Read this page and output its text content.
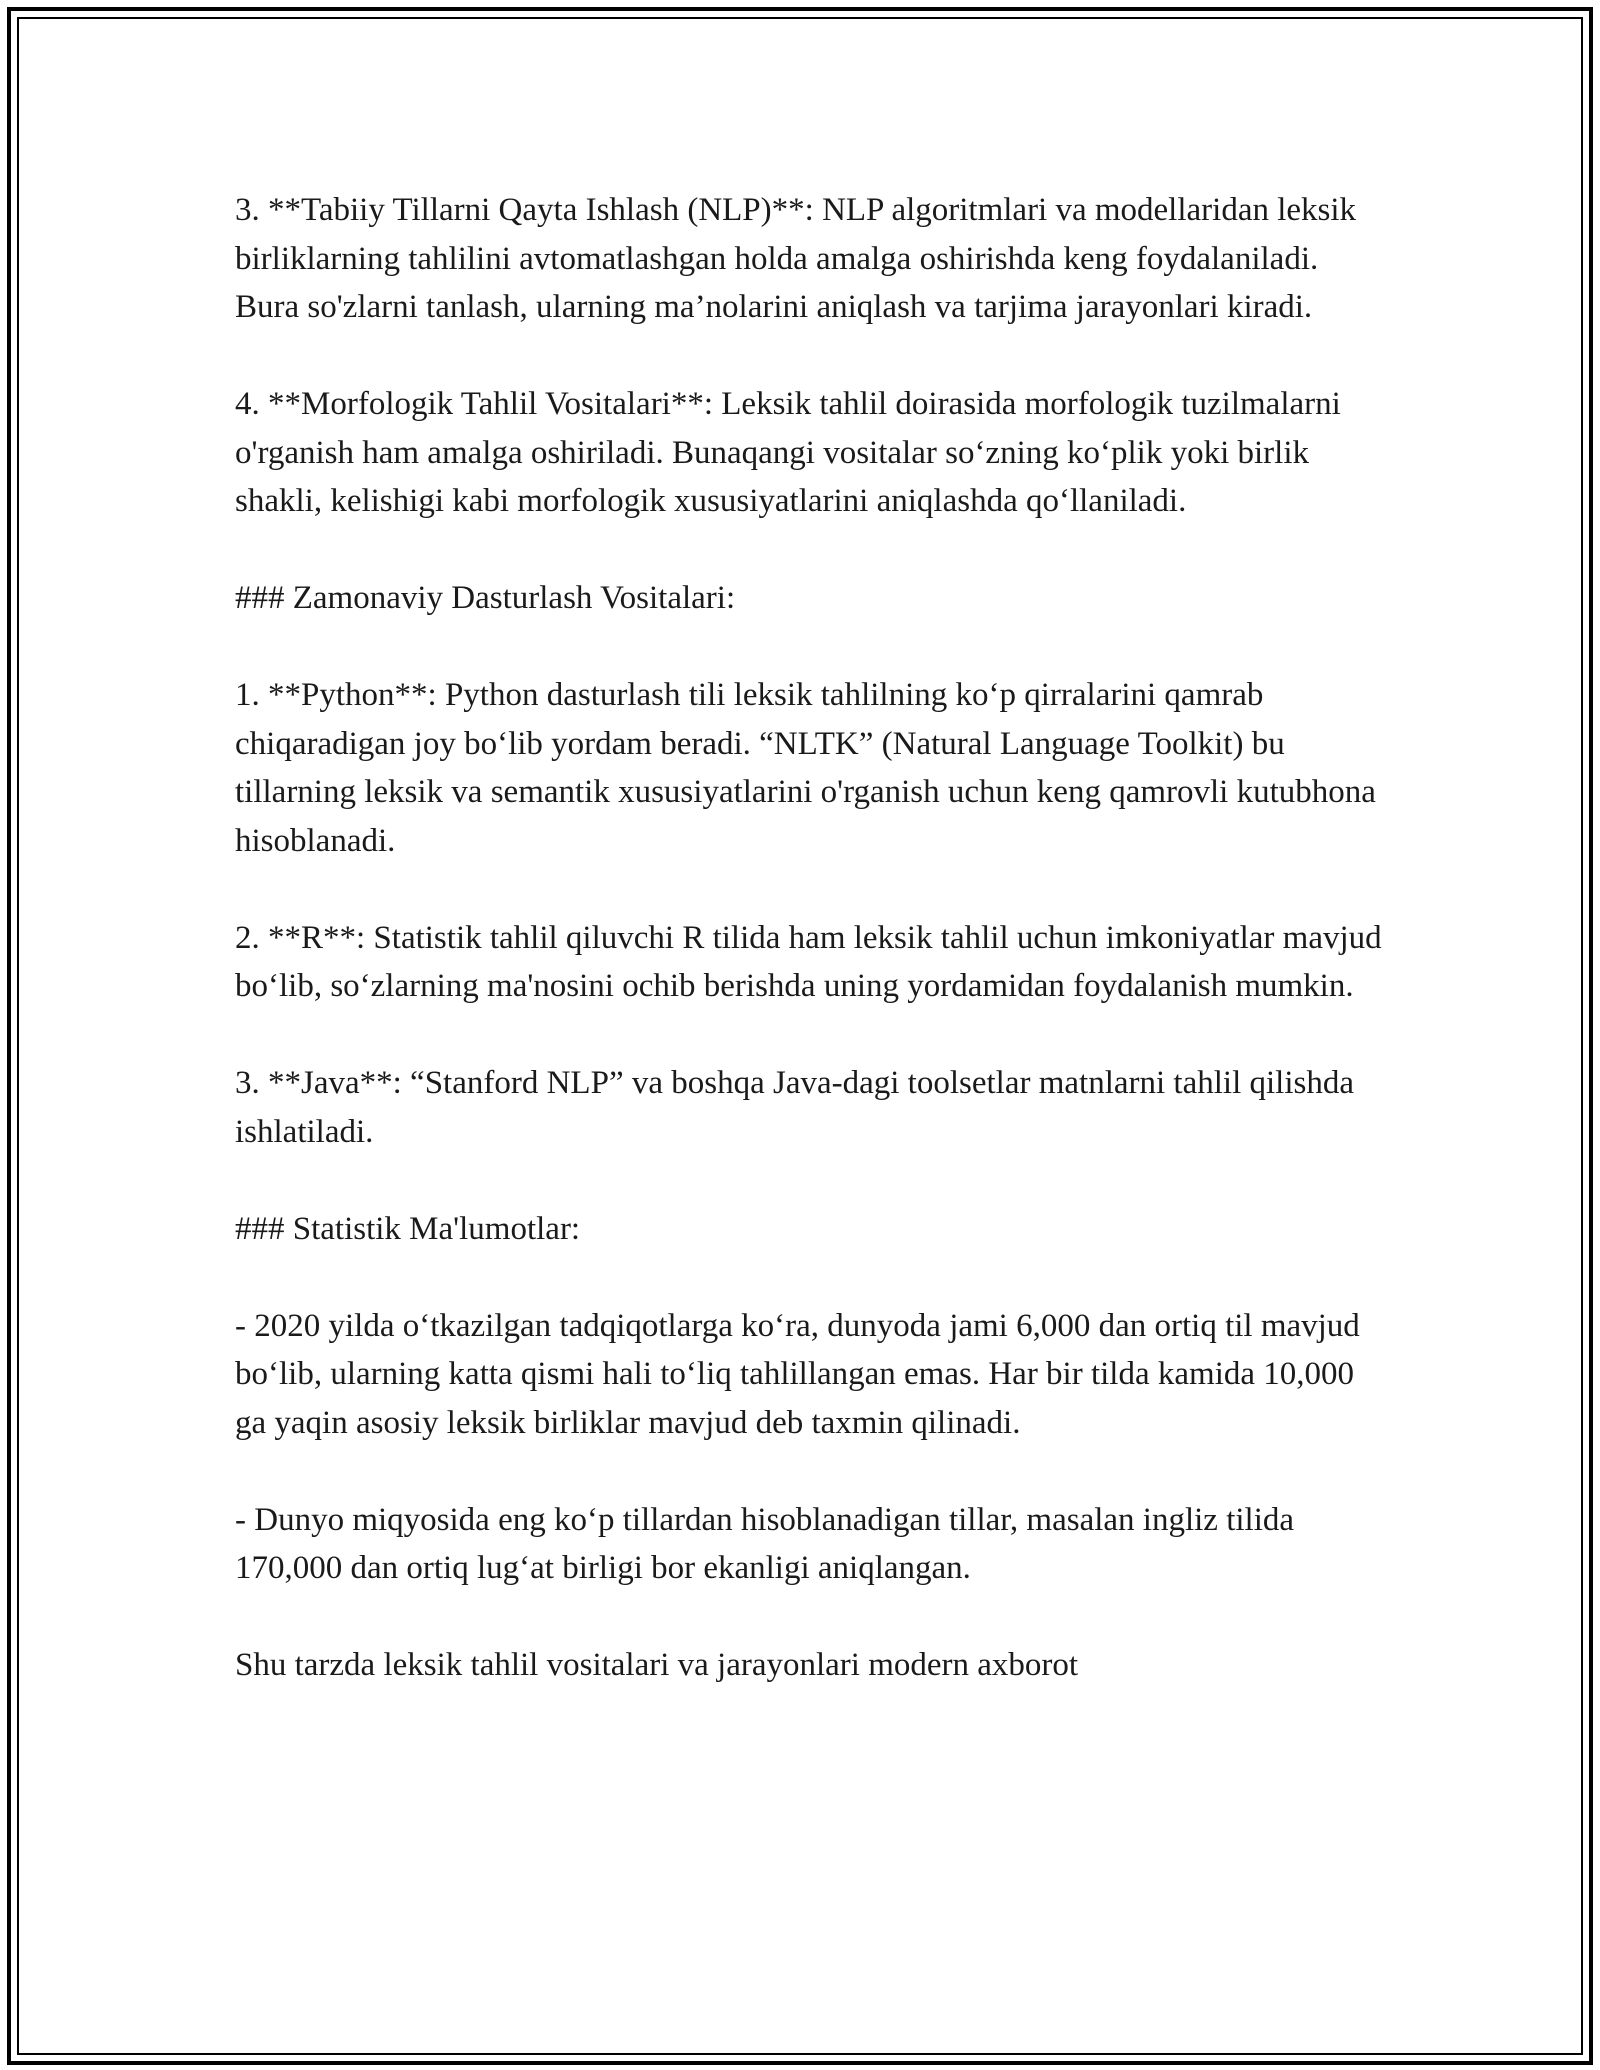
3. **Tabiiy Tillarni Qayta Ishlash (NLP)**: NLP algoritmlari va modellaridan leksik birliklarning tahlilini avtomatlashgan holda amalga oshirishda keng foydalaniladi. Bura so'zlarni tanlash, ularning ma’nolarini aniqlash va tarjima jarayonlari kiradi.

4. **Morfologik Tahlil Vositalari**: Leksik tahlil doirasida morfologik tuzilmalarni o'rganish ham amalga oshiriladi. Bunaqangi vositalar so‘zning ko‘plik yoki birlik shakli, kelishigi kabi morfologik xususiyatlarini aniqlashda qo‘llaniladi.

### Zamonaviy Dasturlash Vositalari:

1. **Python**: Python dasturlash tili leksik tahlilning ko‘p qirralarini qamrab chiqaradigan joy bo‘lib yordam beradi. “NLTK” (Natural Language Toolkit) bu tillarning leksik va semantik xususiyatlarini o'rganish uchun keng qamrovli kutubhona hisoblanadi.

2. **R**: Statistik tahlil qiluvchi R tilida ham leksik tahlil uchun imkoniyatlar mavjud bo‘lib, so‘zlarning ma'nosini ochib berishda uning yordamidan foydalanish mumkin.

3. **Java**: “Stanford NLP” va boshqa Java-dagi toolsetlar matnlarni tahlil qilishda ishlatiladi.

### Statistik Ma'lumotlar:

- 2020 yilda o‘tkazilgan tadqiqotlarga ko‘ra, dunyoda jami 6,000 dan ortiq til mavjud bo‘lib, ularning katta qismi hali to‘liq tahlillangan emas. Har bir tilda kamida 10,000 ga yaqin asosiy leksik birliklar mavjud deb taxmin qilinadi.

- Dunyo miqyosida eng ko‘p tillardan hisoblanadigan tillar, masalan ingliz tilida 170,000 dan ortiq lug‘at birligi bor ekanligi aniqlangan.

Shu tarzda leksik tahlil vositalari va jarayonlari modern axborot
